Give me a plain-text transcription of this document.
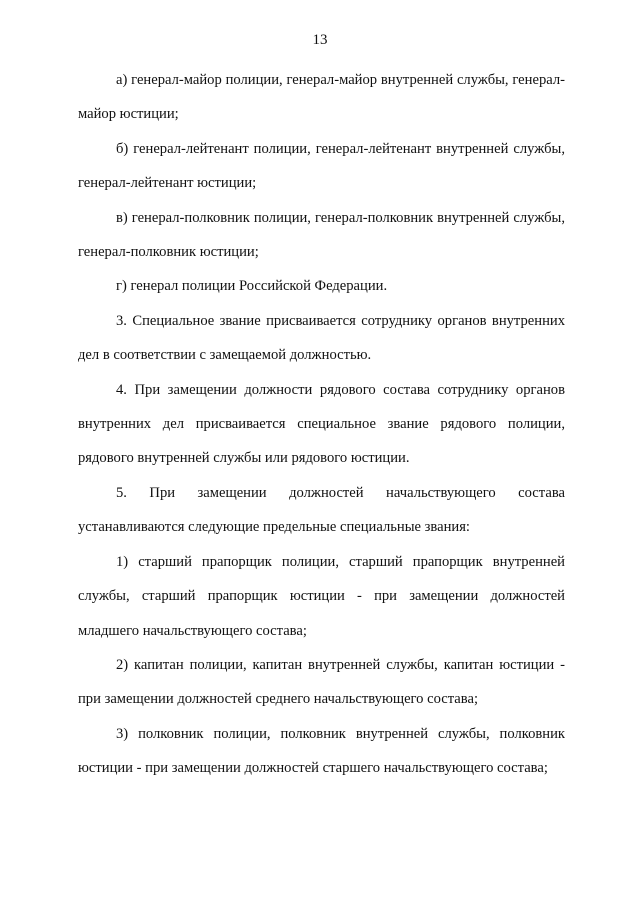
13

а) генерал-майор полиции, генерал-майор внутренней службы, генерал-майор юстиции;

б) генерал-лейтенант полиции, генерал-лейтенант внутренней службы, генерал-лейтенант юстиции;

в) генерал-полковник полиции, генерал-полковник внутренней службы, генерал-полковник юстиции;

г) генерал полиции Российской Федерации.

3. Специальное звание присваивается сотруднику органов внутренних дел в соответствии с замещаемой должностью.

4. При замещении должности рядового состава сотруднику органов внутренних дел присваивается специальное звание рядового полиции, рядового внутренней службы или рядового юстиции.

5. При замещении должностей начальствующего состава устанавливаются следующие предельные специальные звания:

1) старший прапорщик полиции, старший прапорщик внутренней службы, старший прапорщик юстиции - при замещении должностей младшего начальствующего состава;

2) капитан полиции, капитан внутренней службы, капитан юстиции - при замещении должностей среднего начальствующего состава;

3) полковник полиции, полковник внутренней службы, полковник юстиции - при замещении должностей старшего начальствующего состава;
